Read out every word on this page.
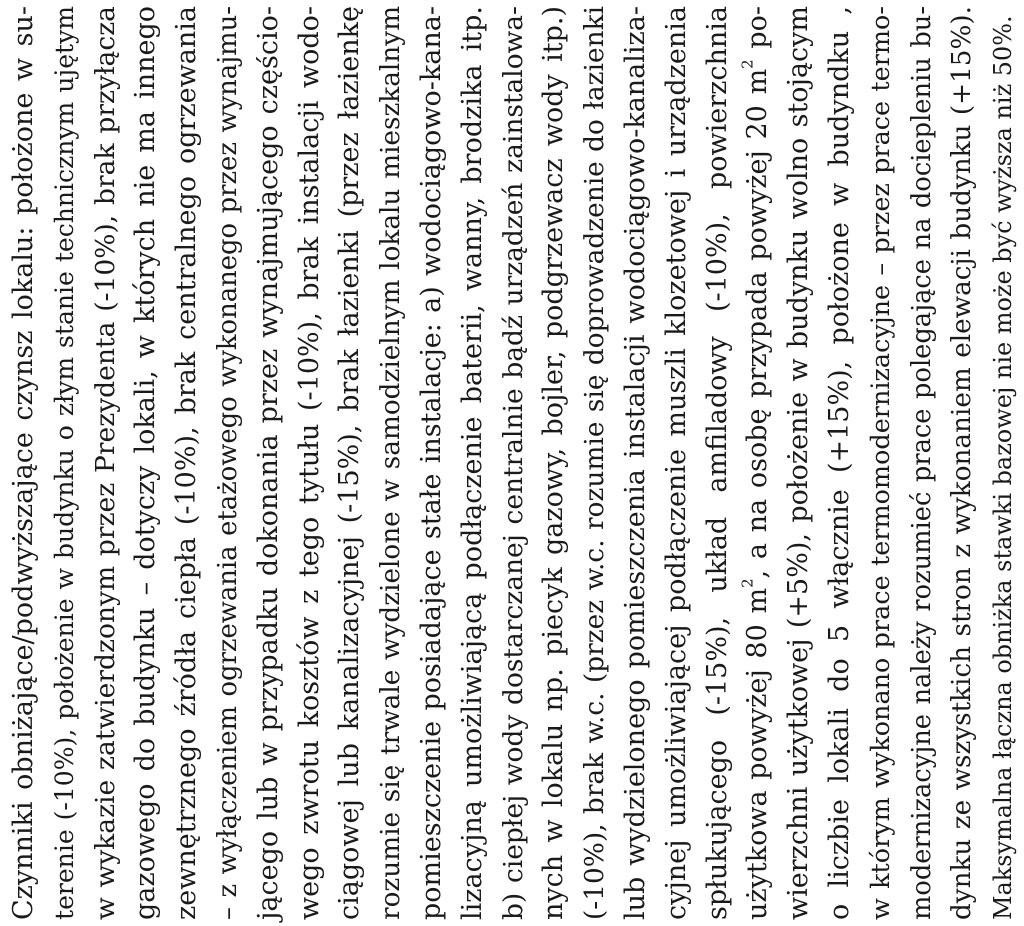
Czynniki obniżające/podwyższające czynsz lokalu: położone w su- terenie (-10%), położenie w budynku o złym stanie technicznym ujętym w wykazie zatwierdzonym przez Prezydenta (-10%), brak przyłącza gazowego do budynku – dotyczy lokali, w których nie ma innego zewnętrznego źródła ciepła (-10%), brak centralnego ogrzewania – z wyłączeniem ogrzewania etażowego wykonanego przez wynajmu- jącego lub w przypadku dokonania przez wynajmującego częścio- wego zwrotu kosztów z tego tytułu (-10%), brak instalacji wodo- ciągowej lub kanalizacyjnej (-15%), brak łazienki (przez łazienkę rozumie się trwale wydzielone w samodzielnym lokalu mieszkalnym pomieszczenie posiadające stałe instalacje: a) wodociągowo-kana- lizacyjną umożliwiającą podłączenie baterii, wanny, brodzika itp. b) ciepłej wody dostarczanej centralnie bądź urządzeń zainstalowa- nych w lokalu np. piecyk gazowy, bojler, podgrzewacz wody itp.) (-10%), brak w.c. (przez w.c. rozumie się doprowadzenie do łazienki lub wydzielonego pomieszczenia instalacji wodociągowo-kanaliza- cyjnej umożliwiającej podłączenie muszli klozetowej i urządzenia spłukującego (-15%), układ amfiladowy (-10%), powierzchnia użytkowa powyżej 80 $m^2$, a na osobę przypada powyżej 20 $m^2$ po- wierzchni użytkowej (+5%), położenie w budynku wolno stojącym o liczbie lokali do 5 włącznie (+15%), położone w budyndku , w którym wykonano prace termomodernizacyjne – przez prace termo- modernizacyjne należy rozumieć prace polegające na dociepleniu bu- dynku ze wszystkich stron z wykonaniem elewacji budynku (+15%). Maksymalna łączna obniżka stawki bazowej nie może być wyższa niż 50%.
